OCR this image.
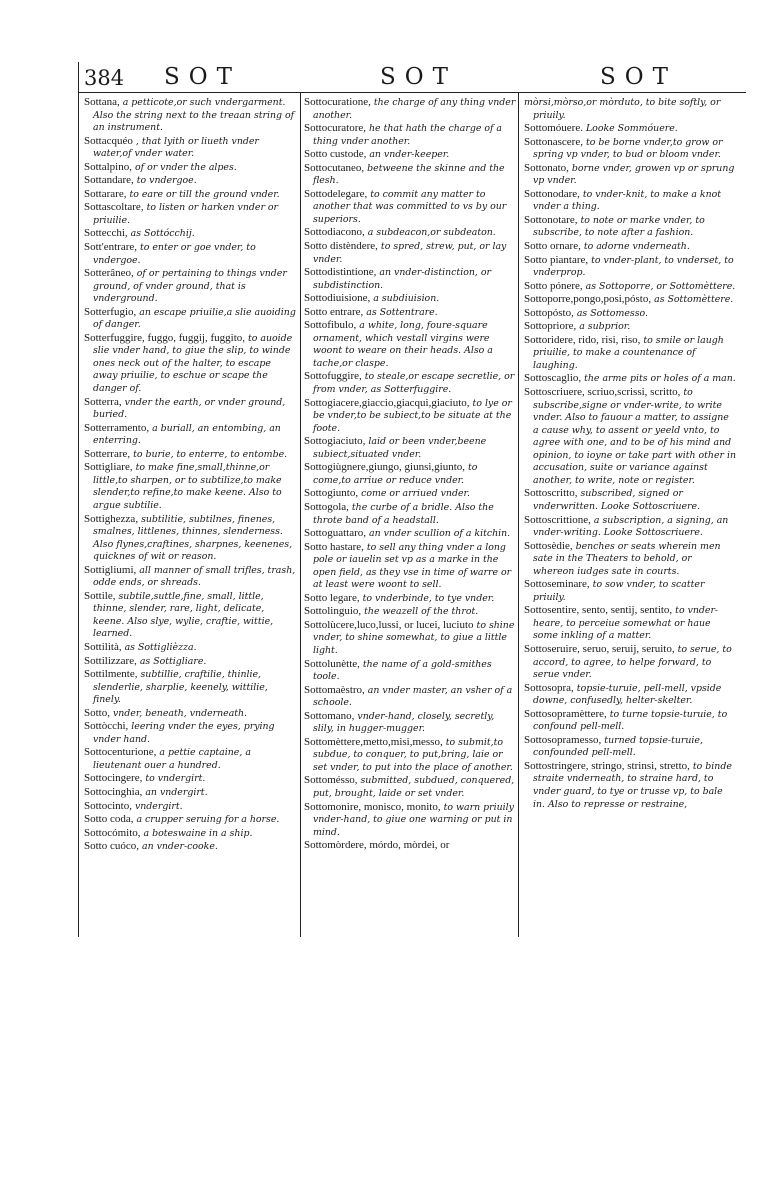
384 SOT	SOT	SOT

Sottana, a petticote,or such vndergarment. Also the string next to the treaan string of an instrument.

Sottacquéo , that lyith or liueth vnder water,of vnder water.

Sottalpino, of or vnder the alpes.

Sottandare, to vndergoe.

Sottarare, to eare or till the ground vnder.

Sottascoltare, to listen or harken vnder or priuilie.

Sottecchi, as Sottócchij.

Sott'entrare, to enter or goe vnder, to vndergoe.

Sotterâneo, of or pertaining to things vnder ground, of vnder ground, that is vnderground.

Sotterfugio, an escape priuilie,a slie auoiding of danger.

Sotterfuggire, fuggo, fuggij, fuggito, to auoide slie vnder hand, to giue the slip, to winde ones neck out of the halter, to escape away priuilie, to eschue or scape the danger of.

Sotterra, vnder the earth, or vnder ground, buried.

Sotterramento, a buriall, an entombing, an enterring.

Sotterrare, to burie, to enterre, to entombe.

Sottigliare, to make fine,small,thinne,or little,to sharpen, or to subtilize,to make slender,to refine,to make keene. Also to argue subtilie.

Sottighezza, subtilitie, subtilnes, finenes, smalnes, littlenes, thinnes, slenderness. Also flynes,craftines, sharpnes, keenenes, quicknes of wit or reason.

Sottigliumi, all manner of small trifles, trash, odde ends, or shreads.

Sottile, subtile,suttle,fine, small, little, thinne, slender, rare, light, delicate, keene. Also slye, wylie, craftie, wittie, learned.

Sottilità, as Sottiglièzza.

Sottilizzare, as Sottigliare.

Sottilmente, subtillie, craftilie, thinlie, slenderlie, sharplie, keenely, wittilie, finely.

Sotto, vnder, beneath, vnderneath.

Sottòcchi, leering vnder the eyes, prying vnder hand.

Sottocenturione, a pettie captaine, a lieutenant ouer a hundred.

Sottocingere, to vndergirt.

Sottocinghia, an vndergirt.

Sottocinto, vndergirt.

Sotto coda, a crupper seruing for a horse.

Sottocómito, a boteswaine in a ship.

Sotto cuóco, an vnder-cooke.

Sottocuratione, the charge of any thing vnder another.

Sottocuratore, he that hath the charge of a thing vnder another.

Sotto custode, an vnder-keeper.

Sottocutaneo, betweene the skinne and the flesh.

Sottodelegare, to commit any matter to another that was committed to vs by our superiors.

Sottodiacono, a subdeacon,or subdeaton.

Sotto distèndere, to spred, strew, put, or lay vnder.

Sottodistintione, an vnder-distinction, or subdistinction.

Sottodiuisione, a subdiuision.

Sotto entrare, as Sottentrare.

Sottofibulo, a white, long, foure-square ornament, which vestall virgins were woont to weare on their heads. Also a tache,or claspe.

Sottofuggire, to steale,or escape secretlie, or from vnder, as Sotterfuggire.

Sottogiacere,giaccio,giacqui,giaciuto, to lye or be vnder,to be subiect,to be situate at the foote.

Sottogiaciuto, laid or been vnder,beene subiect,situated vnder.

Sottogiùgnere,giungo, giunsi,giunto, to come,to arriue or reduce vnder.

Sottogiunto, come or arriued vnder.

Sottogola, the curbe of a bridle. Also the throte band of a headstall.

Sottoguattaro, an vnder scullion of a kitchin.

Sotto hastare, to sell any thing vnder a long pole or iauelin set vp as a marke in the open field, as they vse in time of warre or at least were woont to sell.

Sotto legare, to vnderbinde, to tye vnder.

Sottolinguio, the weazell of the throt.

Sottolùcere,luco,lussi, or lucei, luciuto to shine vnder, to shine somewhat, to giue a little light.

Sottolunètte, the name of a gold-smithes toole.

Sottomaèstro, an vnder master, an vsher of a schoole.

Sottomano, vnder-hand, closely, secretly, slily, in hugger-mugger.

Sottomèttere,metto,misi,messo, to submit,to subdue, to conquer, to put,bring, laie or set vnder, to put into the place of another.

Sottomésso, submitted, subdued, conquered, put, brought, laide or set vnder.

Sottomonire, monisco, monito, to warn priuily vnder-hand, to giue one warning or put in mind.

Sottomòrdere, mórdo, mòrdei, or

mòrsi,mòrso,or mòrduto, to bite softly, or priuily.

Sottomóuere. Looke Sommóuere.

Sottonascere, to be borne vnder,to grow or spring vp vnder, to bud or bloom vnder.

Sottonato, borne vnder, growen vp or sprung vp vnder.

Sottonodare, to vnder-knit, to make a knot vnder a thing.

Sottonotare, to note or marke vnder, to subscribe, to note after a fashion.

Sotto ornare, to adorne vnderneath.

Sotto piantare, to vnder-plant, to vnderset, to vnderprop.

Sotto pónere, as Sottoporre, or Sottomèttere.

Sottoporre,pongo,posi,pósto, as Sottomèttere.

Sottopósto, as Sottomesso.

Sottopriore, a subprior.

Sottoridere, rido, risi, riso, to smile or laugh priuilie, to make a countenance of laughing.

Sottoscaglio, the arme pits or holes of a man.

Sottoscriuere, scriuo,scrissi, scritto, to subscribe,signe or vnder-write, to write vnder. Also to fauour a matter, to assigne a cause why, to assent or yeeld vnto, to agree with one, and to be of his mind and opinion, to ioyne or take part with other in accusation, suite or variance against another, to write, note or register.

Sottoscritto, subscribed, signed or vnderwritten. Looke Sottoscriuere.

Sottoscrittione, a subscription, a signing, an vnder-writing. Looke Sottoscriuere.

Sottosèdie, benches or seats wherein men sate in the Theaters to behold, or whereon iudges sate in courts.

Sottoseminare, to sow vnder, to scatter priuily.

Sottosentire, sento, sentij, sentito, to vnder-heare, to perceiue somewhat or haue some inkling of a matter.

Sottoseruire, seruo, seruij, seruito, to serue, to accord, to agree, to helpe forward, to serue vnder.

Sottosopra, topsie-turuie, pell-mell, vpside downe, confusedly, helter-skelter.

Sottosopramèttere, to turne topsie-turuie, to confound pell-mell.

Sottosopramesso, turned topsie-turuie, confounded pell-mell.

Sottostringere, stringo, strinsi, stretto, to binde straite vnderneath, to straine hard, to vnder guard, to tye or trusse vp, to bale in. Also to represse or restraine,
